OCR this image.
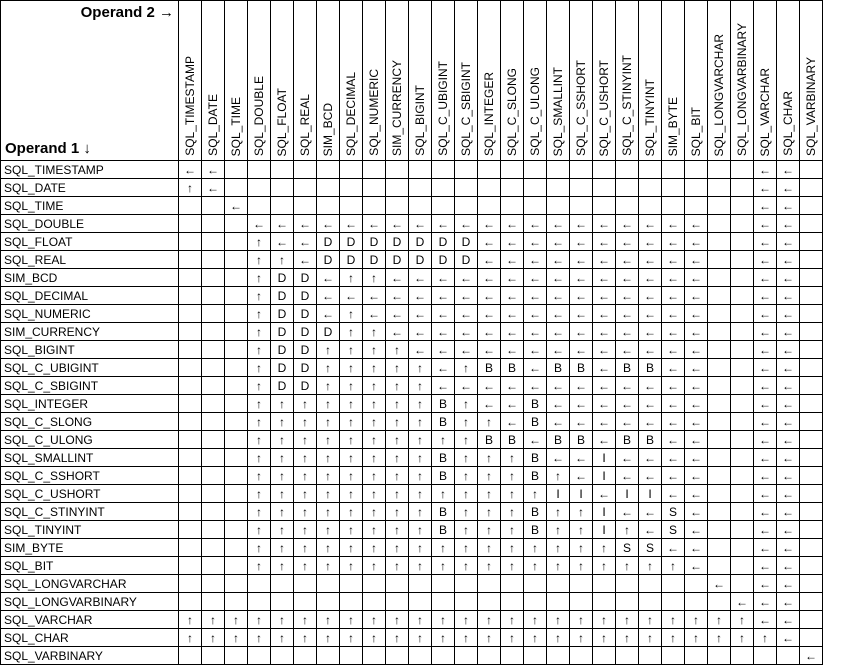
Operand 2 →
Operand 1 ↓	SQL_TIMESTAMP	SQL_DATE	SQL_TIME	SQL_DOUBLE	SQL_FLOAT	SQL_REAL	SIM_BCD	SQL_DECIMAL	SQL_NUMERIC	SIM_CURRENCY	SQL_BIGINT	SQL_C_UBIGINT	SQL_C_SBIGINT	SQL_INTEGER	SQL_C_SLONG	SQL_C_ULONG	SQL_SMALLINT	SQL_C_SSHORT	SQL_C_USHORT	SQL_C_STINYINT	SQL_TINYINT	SIM_BYTE	SQL_BIT	SQL_LONGVARCHAR	SQL_LONGVARBINARY	SQL_VARCHAR	SQL_CHAR	SQL_VARBINARY

SQL_TIMESTAMP	←	←																								←	←	
SQL_DATE	↑	←																								←	←	
SQL_TIME			←																							←	←	
SQL_DOUBLE				←	←	←	←	←	←	←	←	←	←	←	←	←	←	←	←	←	←	←	←			←	←	
SQL_FLOAT				↑	←	←	D	D	D	D	D	D	D	←	←	←	←	←	←	←	←	←	←			←	←	
SQL_REAL				↑	↑	←	D	D	D	D	D	D	D	←	←	←	←	←	←	←	←	←	←			←	←	
SIM_BCD				↑	D	D	←	↑	↑	←	←	←	←	←	←	←	←	←	←	←	←	←	←			←	←	
SQL_DECIMAL				↑	D	D	←	←	←	←	←	←	←	←	←	←	←	←	←	←	←	←	←			←	←	
SQL_NUMERIC				↑	D	D	←	↑	←	←	←	←	←	←	←	←	←	←	←	←	←	←	←			←	←	
SIM_CURRENCY				↑	D	D	D	↑	↑	←	←	←	←	←	←	←	←	←	←	←	←	←	←			←	←	
SQL_BIGINT				↑	D	D	↑	↑	↑	↑	←	←	←	←	←	←	←	←	←	←	←	←	←			←	←	
SQL_C_UBIGINT				↑	D	D	↑	↑	↑	↑	↑	←	↑	B	B	←	B	B	←	B	B	←	←			←	←	
SQL_C_SBIGINT				↑	D	D	↑	↑	↑	↑	↑	←	←	←	←	←	←	←	←	←	←	←	←			←	←	
SQL_INTEGER				↑	↑	↑	↑	↑	↑	↑	↑	B	↑	←	←	B	←	←	←	←	←	←	←			←	←	
SQL_C_SLONG				↑	↑	↑	↑	↑	↑	↑	↑	B	↑	↑	←	B	←	←	←	←	←	←	←			←	←	
SQL_C_ULONG				↑	↑	↑	↑	↑	↑	↑	↑	↑	↑	B	B	←	B	B	←	B	B	←	←			←	←	
SQL_SMALLINT				↑	↑	↑	↑	↑	↑	↑	↑	B	↑	↑	↑	B	←	←	I	←	←	←	←			←	←	
SQL_C_SSHORT				↑	↑	↑	↑	↑	↑	↑	↑	B	↑	↑	↑	B	↑	←	I	←	←	←	←			←	←	
SQL_C_USHORT				↑	↑	↑	↑	↑	↑	↑	↑	↑	↑	↑	↑	↑	I	I	←	I	I	←	←			←	←	
SQL_C_STINYINT				↑	↑	↑	↑	↑	↑	↑	↑	B	↑	↑	↑	B	↑	↑	I	←	←	S	←			←	←	
SQL_TINYINT				↑	↑	↑	↑	↑	↑	↑	↑	B	↑	↑	↑	B	↑	↑	I	↑	←	S	←			←	←	
SIM_BYTE				↑	↑	↑	↑	↑	↑	↑	↑	↑	↑	↑	↑	↑	↑	↑	↑	S	S	←	←			←	←	
SQL_BIT				↑	↑	↑	↑	↑	↑	↑	↑	↑	↑	↑	↑	↑	↑	↑	↑	↑	↑	↑	←			←	←	
SQL_LONGVARCHAR																								←		←	←	
SQL_LONGVARBINARY																									←	←	←	
SQL_VARCHAR	↑	↑	↑	↑	↑	↑	↑	↑	↑	↑	↑	↑	↑	↑	↑	↑	↑	↑	↑	↑	↑	↑	↑	↑	↑	←	←	
SQL_CHAR	↑	↑	↑	↑	↑	↑	↑	↑	↑	↑	↑	↑	↑	↑	↑	↑	↑	↑	↑	↑	↑	↑	↑	↑	↑	↑	←	
SQL_VARBINARY																												←
